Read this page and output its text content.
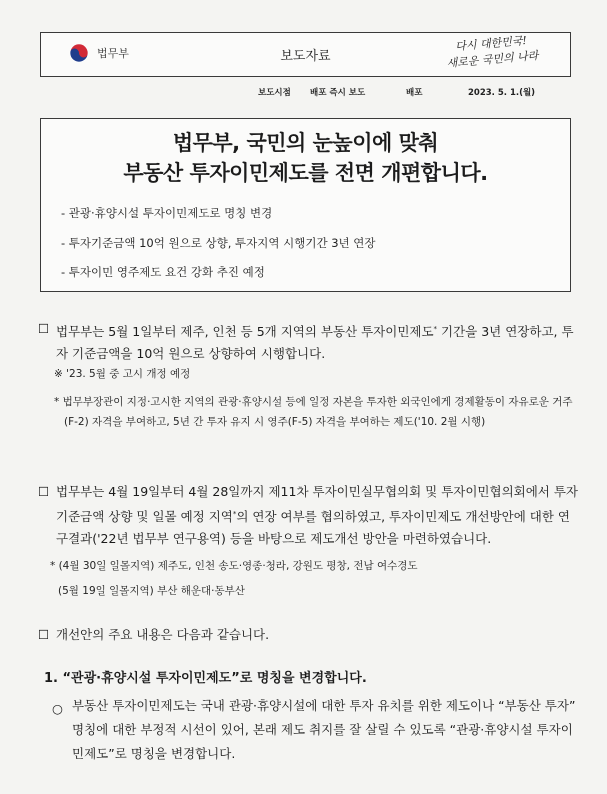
법무부	보도자료
다시 대한민국!
새로운 국민의 나라
보도시점	배포 즉시 보도	배포	2023. 5. 1.(월)
법무부, 국민의 눈높이에 맞춰
부동산 투자이민제도를 전면 개편합니다.
- 관광·휴양시설 투자이민제도로 명칭 변경
- 투자기준금액 10억 원으로 상향, 투자지역 시행기간 3년 연장
- 투자이민 영주제도 요건 강화 추진 예정
☐ 법무부는 5월 1일부터 제주, 인천 등 5개 지역의 부동산 투자이민제도* 기간을 3년 연장하고, 투자 기준금액을 10억 원으로 상향하여 시행합니다.
※ '23. 5월 중 고시 개정 예정
* 법무부장관이 지정·고시한 지역의 관광·휴양시설 등에 일정 자본을 투자한 외국인에게 경제활동이 자유로운 거주(F-2) 자격을 부여하고, 5년 간 투자 유지 시 영주(F-5) 자격을 부여하는 제도('10. 2월 시행)
☐ 법무부는 4월 19일부터 4월 28일까지 제11차 투자이민실무협의회 및 투자이민협의회에서 투자 기준금액 상향 및 일몰 예정 지역*의 연장 여부를 협의하였고, 투자이민제도 개선방안에 대한 연구결과('22년 법무부 연구용역) 등을 바탕으로 제도개선 방안을 마련하였습니다.
* (4월 30일 일몰지역) 제주도, 인천 송도·영종·청라, 강원도 평창, 전남 여수경도
(5월 19일 일몰지역) 부산 해운대·동부산
☐ 개선안의 주요 내용은 다음과 같습니다.
1. “관광·휴양시설 투자이민제도”로 명칭을 변경합니다.
○ 부동산 투자이민제도는 국내 관광·휴양시설에 대한 투자 유치를 위한 제도이나 “부동산 투자” 명칭에 대한 부정적 시선이 있어, 본래 제도 취지를 잘 살릴 수 있도록 “관광·휴양시설 투자이민제도”로 명칭을 변경합니다.
